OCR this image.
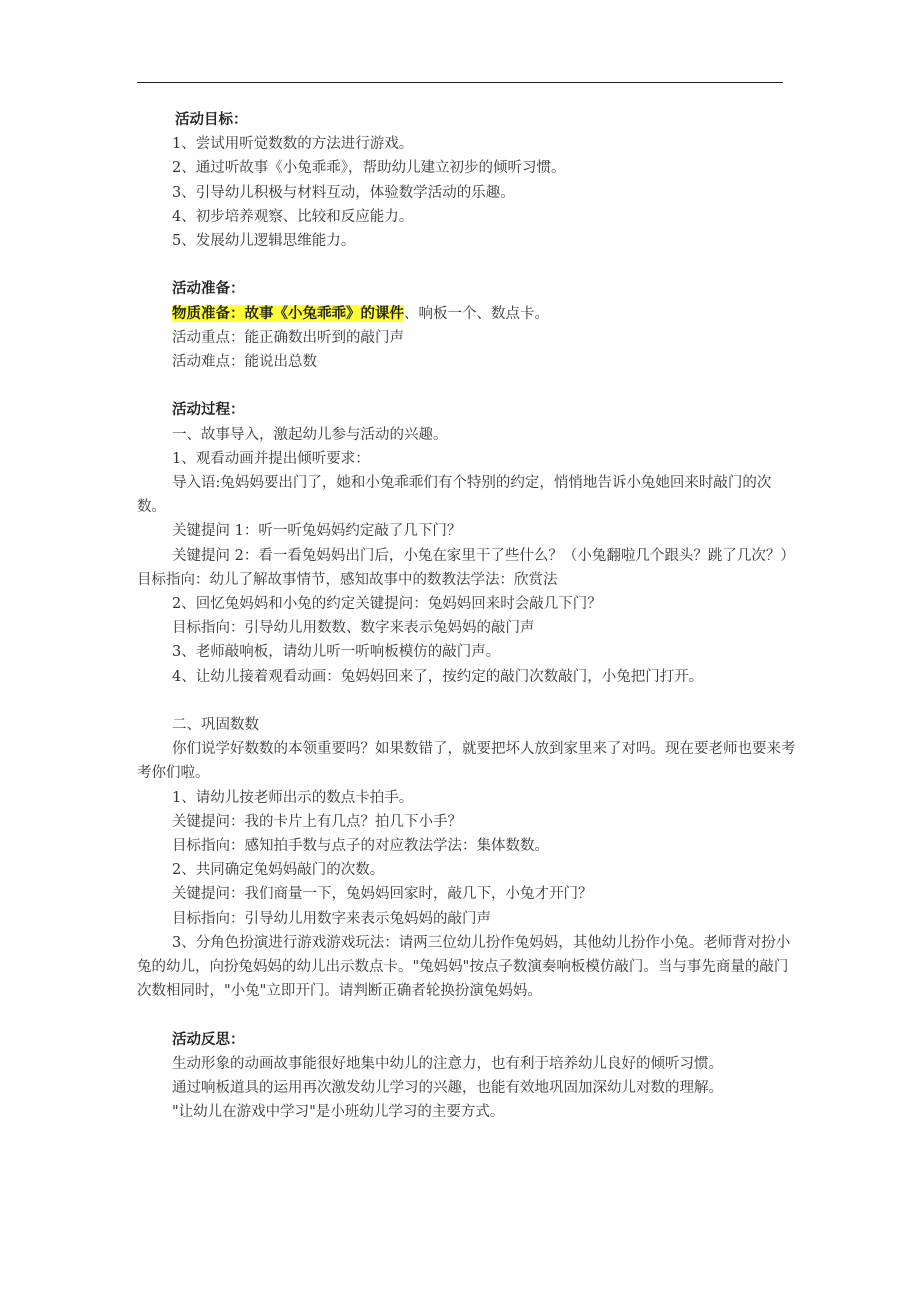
活动目标：

1、尝试用听觉数数的方法进行游戏。

2、通过听故事《小兔乖乖》，帮助幼儿建立初步的倾听习惯。

3、引导幼儿积极与材料互动，体验数学活动的乐趣。

4、初步培养观察、比较和反应能力。

5、发展幼儿逻辑思维能力。

活动准备：

物质准备：故事《小兔乖乖》的课件、响板一个、数点卡。

活动重点：能正确数出听到的敲门声

活动难点：能说出总数

活动过程：

一、故事导入，激起幼儿参与活动的兴趣。

1、观看动画并提出倾听要求：

导入语:兔妈妈要出门了，她和小兔乖乖们有个特别的约定，悄悄地告诉小兔她回来时敲门的次数。

关键提问 1：听一听兔妈妈约定敲了几下门？

关键提问 2：看一看兔妈妈出门后，小兔在家里干了些什么？（小兔翻啦几个跟头？跳了几次？）目标指向：幼儿了解故事情节，感知故事中的数教法学法：欣赏法

2、回忆兔妈妈和小兔的约定关键提问：兔妈妈回来时会敲几下门？

目标指向：引导幼儿用数数、数字来表示兔妈妈的敲门声

3、老师敲响板，请幼儿听一听响板模仿的敲门声。

4、让幼儿接着观看动画：兔妈妈回来了，按约定的敲门次数敲门，小兔把门打开。

二、巩固数数

你们说学好数数的本领重要吗？如果数错了，就要把坏人放到家里来了对吗。现在要老师也要来考考你们啦。

1、请幼儿按老师出示的数点卡拍手。

关键提问：我的卡片上有几点？拍几下小手？

目标指向：感知拍手数与点子的对应教法学法：集体数数。

2、共同确定兔妈妈敲门的次数。

关键提问：我们商量一下，兔妈妈回家时，敲几下，小兔才开门？

目标指向：引导幼儿用数字来表示兔妈妈的敲门声

3、分角色扮演进行游戏游戏玩法：请两三位幼儿扮作兔妈妈，其他幼儿扮作小兔。老师背对扮小兔的幼儿，向扮兔妈妈的幼儿出示数点卡。"兔妈妈"按点子数演奏响板模仿敲门。当与事先商量的敲门次数相同时，"小兔"立即开门。请判断正确者轮换扮演兔妈妈。

活动反思：

生动形象的动画故事能很好地集中幼儿的注意力，也有利于培养幼儿良好的倾听习惯。

通过响板道具的运用再次激发幼儿学习的兴趣，也能有效地巩固加深幼儿对数的理解。

"让幼儿在游戏中学习"是小班幼儿学习的主要方式。
